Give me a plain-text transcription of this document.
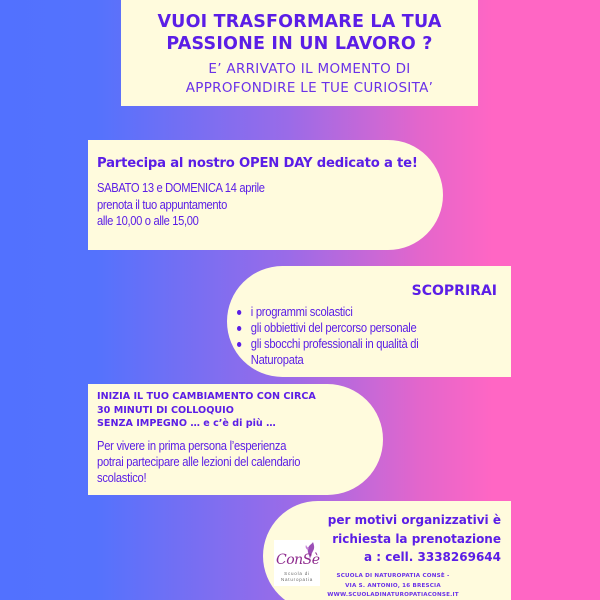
VUOI TRASFORMARE LA TUA
PASSIONE IN UN LAVORO ?
E’ ARRIVATO IL MOMENTO DI
APPROFONDIRE LE TUE CURIOSITA’
Partecipa al nostro OPEN DAY dedicato a te!
SABATO 13 e DOMENICA 14 aprile
prenota il tuo appuntamento
alle 10,00 o alle 15,00
SCOPRIRAI
i programmi scolastici
gli obbiettivi del percorso personale
gli sbocchi professionali in qualità di
Naturopata
INIZIA IL TUO CAMBIAMENTO CON CIRCA
30 MINUTI DI COLLOQUIO
SENZA IMPEGNO … e c’è di più …
Per vivere in prima persona l’esperienza
potrai partecipare alle lezioni del calendario
scolastico!
per motivi organizzativi è
richiesta la prenotazione
a : cell. 3338269644
ConSè
Scuola di
Naturopatia
SCUOLA DI NATUROPATIA CONSÈ -
VIA S. ANTONIO, 16 BRESCIA
WWW.SCUOLADINATUROPATIACONSE.IT
